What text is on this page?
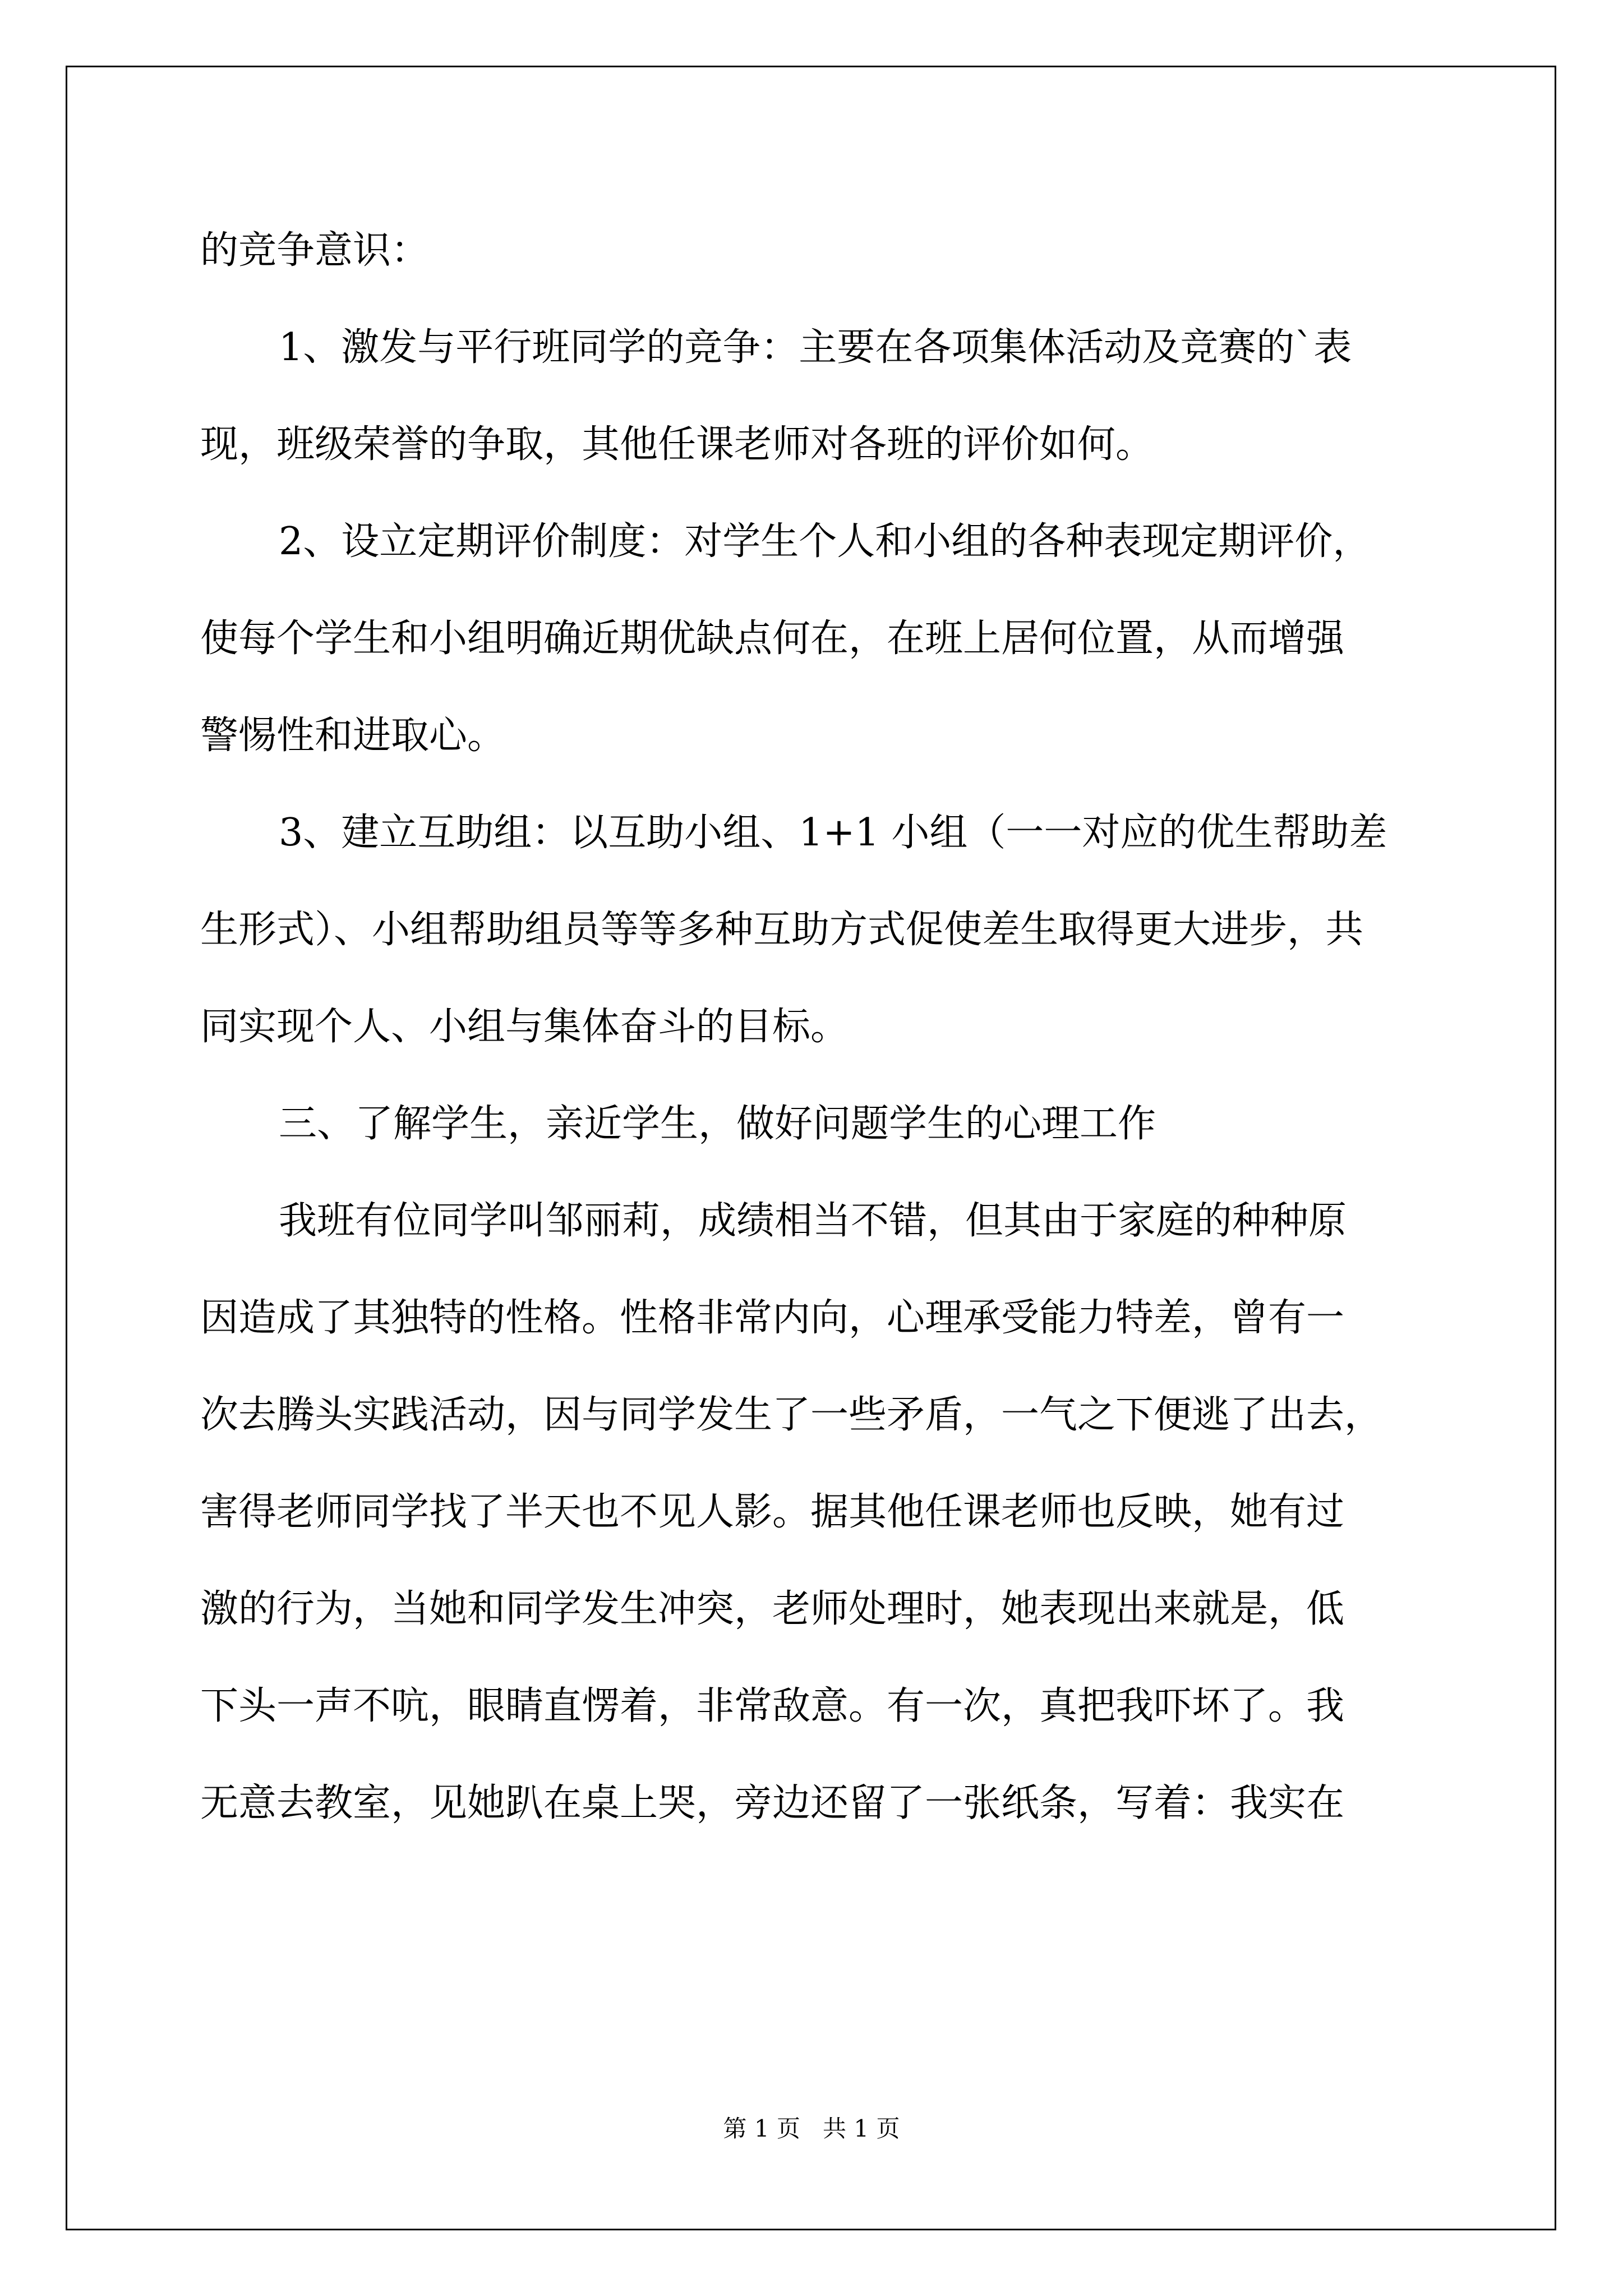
的竞争意识：
1、激发与平行班同学的竞争：主要在各项集体活动及竞赛的`表
现，班级荣誉的争取，其他任课老师对各班的评价如何。
2、设立定期评价制度：对学生个人和小组的各种表现定期评价，
使每个学生和小组明确近期优缺点何在，在班上居何位置，从而增强
警惕性和进取心。
3、建立互助组：以互助小组、1+1 小组（一一对应的优生帮助差
生形式）、小组帮助组员等等多种互助方式促使差生取得更大进步，共
同实现个人、小组与集体奋斗的目标。
三、了解学生，亲近学生，做好问题学生的心理工作
我班有位同学叫邹丽莉，成绩相当不错，但其由于家庭的种种原
因造成了其独特的性格。性格非常内向，心理承受能力特差，曾有一
次去腾头实践活动，因与同学发生了一些矛盾，一气之下便逃了出去，
害得老师同学找了半天也不见人影。据其他任课老师也反映，她有过
激的行为，当她和同学发生冲突，老师处理时，她表现出来就是，低
下头一声不吭，眼睛直愣着，非常敌意。有一次，真把我吓坏了。我
无意去教室，见她趴在桌上哭，旁边还留了一张纸条，写着：我实在
第 1 页   共 1 页
